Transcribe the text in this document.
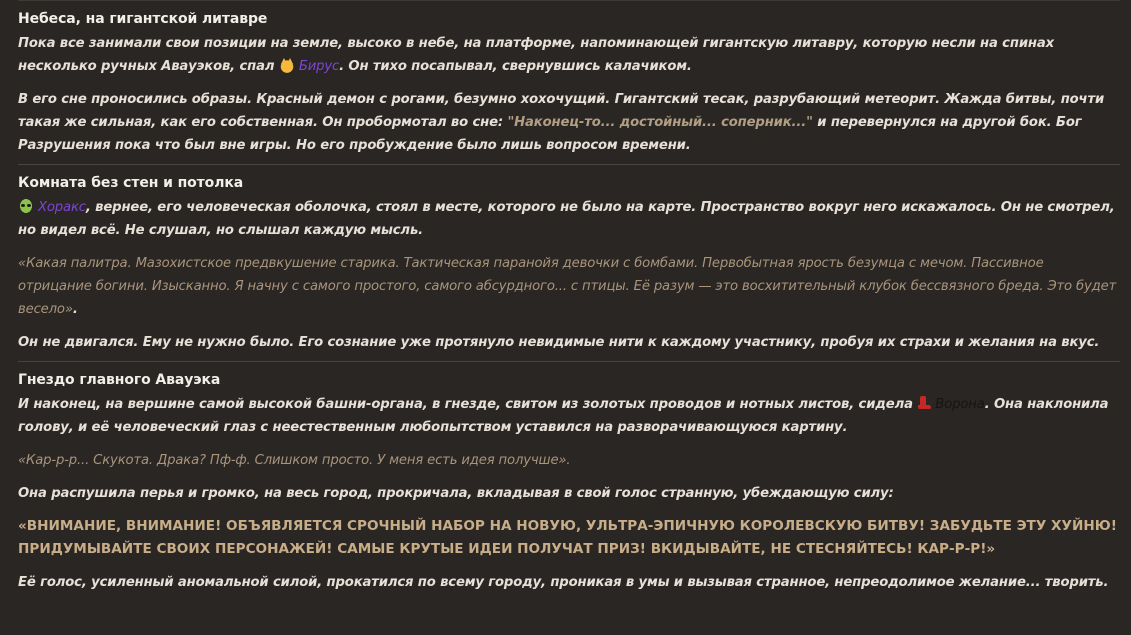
Небеса, на гигантской литавре

Пока все занимали свои позиции на земле, высоко в небе, на платформе, напоминающей гигантскую литавру, которую несли на спинах несколько ручных Авауэков, спал Бирус. Он тихо посапывал, свернувшись калачиком.

В его сне проносились образы. Красный демон с рогами, безумно хохочущий. Гигантский тесак, разрубающий метеорит. Жажда битвы, почти такая же сильная, как его собственная. Он пробормотал во сне: "Наконец-то... достойный... соперник..." и перевернулся на другой бок. Бог Разрушения пока что был вне игры. Но его пробуждение было лишь вопросом времени.

Комната без стен и потолка

Хоракс, вернее, его человеческая оболочка, стоял в месте, которого не было на карте. Пространство вокруг него искажалось. Он не смотрел, но видел всё. Не слушал, но слышал каждую мысль.

«Какая палитра. Мазохистское предвкушение старика. Тактическая паранойя девочки с бомбами. Первобытная ярость безумца с мечом. Пассивное отрицание богини. Изысканно. Я начну с самого простого, самого абсурдного... с птицы. Её разум — это восхитительный клубок бессвязного бреда. Это будет весело».

Он не двигался. Ему не нужно было. Его сознание уже протянуло невидимые нити к каждому участнику, пробуя их страхи и желания на вкус.

Гнездо главного Авауэка

И наконец, на вершине самой высокой башни-органа, в гнезде, свитом из золотых проводов и нотных листов, сидела Ворона. Она наклонила голову, и её человеческий глаз с неестественным любопытством уставился на разворачивающуюся картину.

«Кар-р-р... Скукота. Драка? Пф-ф. Слишком просто. У меня есть идея получше».

Она распушила перья и громко, на весь город, прокричала, вкладывая в свой голос странную, убеждающую силу:

«ВНИМАНИЕ, ВНИМАНИЕ! ОБЪЯВЛЯЕТСЯ СРОЧНЫЙ НАБОР НА НОВУЮ, УЛЬТРА-ЭПИЧНУЮ КОРОЛЕВСКУЮ БИТВУ! ЗАБУДЬТЕ ЭТУ ХУЙНЮ! ПРИДУМЫВАЙТЕ СВОИХ ПЕРСОНАЖЕЙ! САМЫЕ КРУТЫЕ ИДЕИ ПОЛУЧАТ ПРИЗ! ВКИДЫВАЙТЕ, НЕ СТЕСНЯЙТЕСЬ! КАР-Р-Р!»

Её голос, усиленный аномальной силой, прокатился по всему городу, проникая в умы и вызывая странное, непреодолимое желание... творить.
